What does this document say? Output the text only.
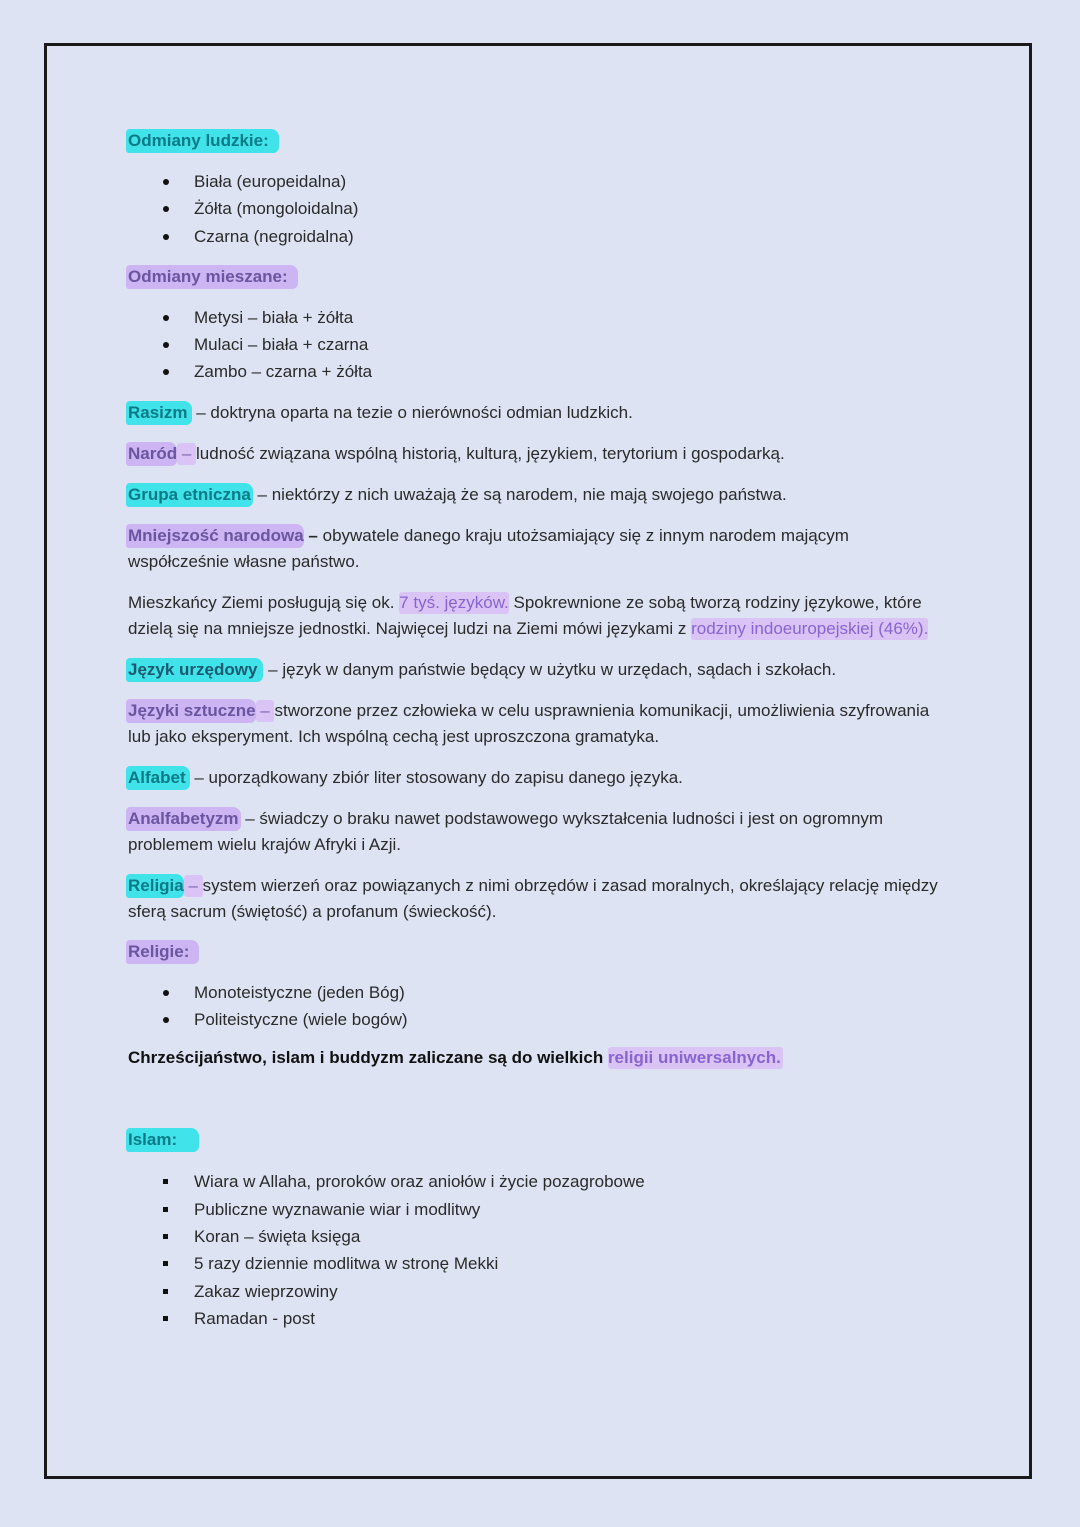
Odmiany ludzkie:

Biała (europeidalna)
Żółta (mongoloidalna)
Czarna (negroidalna)

Odmiany mieszane:

Metysi – biała + żółta
Mulaci – biała + czarna
Zambo – czarna + żółta

Rasizm – doktryna oparta na tezie o nierówności odmian ludzkich.

Naród – ludność związana wspólną historią, kulturą, językiem, terytorium i gospodarką.

Grupa etniczna – niektórzy z nich uważają że są narodem, nie mają swojego państwa.

Mniejszość narodowa – obywatele danego kraju utożsamiający się z innym narodem mającym współcześnie własne państwo.

Mieszkańcy Ziemi posługują się ok. 7 tyś. języków. Spokrewnione ze sobą tworzą rodziny językowe, które dzielą się na mniejsze jednostki. Najwięcej ludzi na Ziemi mówi językami z rodziny indoeuropejskiej (46%).

Język urzędowy – język w danym państwie będący w użytku w urzędach, sądach i szkołach.

Języki sztuczne – stworzone przez człowieka w celu usprawnienia komunikacji, umożliwienia szyfrowania lub jako eksperyment. Ich wspólną cechą jest uproszczona gramatyka.

Alfabet – uporządkowany zbiór liter stosowany do zapisu danego języka.

Analfabetyzm – świadczy o braku nawet podstawowego wykształcenia ludności i jest on ogromnym problemem wielu krajów Afryki i Azji.

Religia – system wierzeń oraz powiązanych z nimi obrzędów i zasad moralnych, określający relację między sferą sacrum (świętość) a profanum (świeckość).

Religie:

Monoteistyczne (jeden Bóg)
Politeistyczne (wiele bogów)

Chrześcijaństwo, islam i buddyzm zaliczane są do wielkich religii uniwersalnych.

Islam:

Wiara w Allaha, proroków oraz aniołów i życie pozagrobowe
Publiczne wyznawanie wiar i modlitwy
Koran – święta księga
5 razy dziennie modlitwa w stronę Mekki
Zakaz wieprzowiny
Ramadan - post
